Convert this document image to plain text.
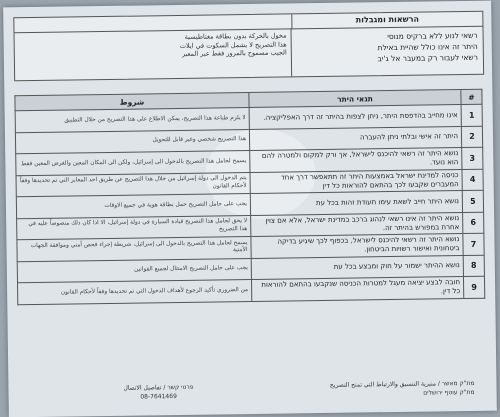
הרשאות ומגבלות
مخول بالحركة بدون بطاقة مغناطيسية
هذا التصريح لا يشمل السكوت في ايلات
الجيب مسموح بالمرور فقط عبر المعبر
רשאי לנוע ללא ברקיס מנוסי
היתר זה אינו כולל שהיית באילת
רשאי לעבור רק במעבר אל ג'יב
#	תנאי היתר	شروط
1	אינו מחייב בהדפסת היתר, ניתן לצפות בהיתר זה דרך האפליקציה.	لا يلزم طباعة هذا التصريح، يمكن الاطلاع على هذا التصريح من خلال التطبيق
2	היתר זה אישי ובלתי ניתן להעברה	هذا التصريح شخصي وغير قابل للتحويل
3	נושא היתר זה רשאי להיכנס לישראל, אך ורק למקום ולמטרה להם הוא נועד.	يسمح لحامل هذا التصريح بالدخول الى إسرائيل، ولكن الى المكان المعين والغرض المعين فقط
4	כניסה למדינת ישראל באמצעות היתר זה תתאפשר דרך אחד המעברים שקבעו לכך בהתאם להוראות כל דין	يتم الدخول الى دولة إسرائيل من خلال هذا التصريح عن طريق احد المعابر التي تم تحديدها وفقاً لأحكام القانون
5	נושא היתר חייב לשאת עימו תעודת זהות בכל עת	يجب على حامل التصريح حمل بطاقة هوية في جميع الاوقات
6	נושא היתר זה אינו רשאי לנהוג ברכב במדינת ישראל, אלא אם צוין אחרת במפורש בהיתר זה.	لا يحق لحامل هذا التصريح قيادة السيارة في دولة إسرائيل، الا اذا كان ذلك منصوصاً عليه في هذا التصريح
7	נושא היתר זה רשאי להיכנס לישראל, בכפוף לכך שיגיע בדיקה ביטחונית ואישור רשויות הביטחון.	يسمح لحامل هذا التصريح بالدخول الى إسرائيل، شريطة إجراء فحص أمني وموافقة الجهات الأمنية
8	נושא ההיתר ישמור על חוק ומבצע בכל עת	يجب على حامل التصريح الامتثال لجميع القوانين
9	חובה לבצע יציאה מעגל למטרות הכניסה שנקבעו בהתאם להוראות כל דין.	من الضروري تأكيد الرجوع لأهداف الدخول التي تم تحديدها وفقاً لأحكام القانون
מת"ק מאשר / منيرية التنسيق والارتباط التي تمنح التصريح
מת"ק עוטף ירושלים
פרטי קשר / تفاصيل الاتصال
08-7641469
